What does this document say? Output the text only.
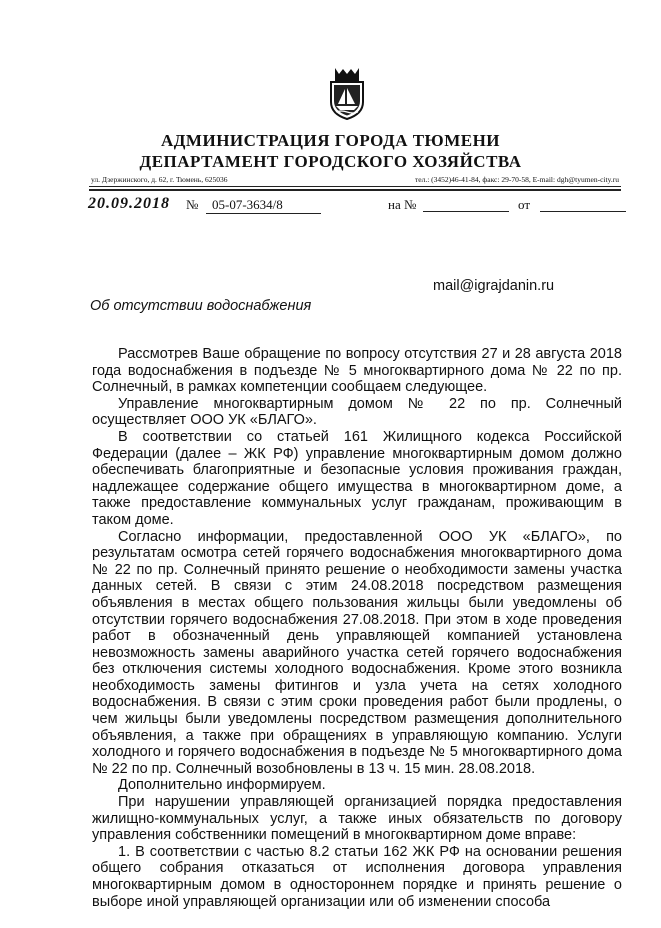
АДМИНИСТРАЦИЯ ГОРОДА ТЮМЕНИ
ДЕПАРТАМЕНТ ГОРОДСКОГО ХОЗЯЙСТВА
ул. Дзержинского, д. 62, г. Тюмень, 625036	тел.: (3452)46-41-84, факс: 29-70-58, E-mail: dgh@tyumen-city.ru
20.09.2018 №	05-07-3634/8	на №	от
mail@igrajdanin.ru
Об отсутствии водоснабжения

Рассмотрев Ваше обращение по вопросу отсутствия 27 и 28 августа 2018 года водоснабжения в подъезде № 5 многоквартирного дома № 22 по пр. Солнечный, в рамках компетенции сообщаем следующее.

Управление многоквартирным домом № 22 по пр. Солнечный осуществляет ООО УК «БЛАГО».

В соответствии со статьей 161 Жилищного кодекса Российской Федерации (далее – ЖК РФ) управление многоквартирным домом должно обеспечивать благоприятные и безопасные условия проживания граждан, надлежащее содержание общего имущества в многоквартирном доме, а также предоставление коммунальных услуг гражданам, проживающим в таком доме.

Согласно информации, предоставленной ООО УК «БЛАГО», по результатам осмотра сетей горячего водоснабжения многоквартирного дома № 22 по пр. Солнечный принято решение о необходимости замены участка данных сетей. В связи с этим 24.08.2018 посредством размещения объявления в местах общего пользования жильцы были уведомлены об отсутствии горячего водоснабжения 27.08.2018. При этом в ходе проведения работ в обозначенный день управляющей компанией установлена невозможность замены аварийного участка сетей горячего водоснабжения без отключения системы холодного водоснабжения. Кроме этого возникла необходимость замены фитингов и узла учета на сетях холодного водоснабжения. В связи с этим сроки проведения работ были продлены, о чем жильцы были уведомлены посредством размещения дополнительного объявления, а также при обращениях в управляющую компанию. Услуги холодного и горячего водоснабжения в подъезде № 5 многоквартирного дома № 22 по пр. Солнечный возобновлены в 13 ч. 15 мин. 28.08.2018.

Дополнительно информируем.

При нарушении управляющей организацией порядка предоставления жилищно-коммунальных услуг, а также иных обязательств по договору управления собственники помещений в многоквартирном доме вправе:

1. В соответствии с частью 8.2 статьи 162 ЖК РФ на основании решения общего собрания отказаться от исполнения договора управления многоквартирным домом в одностороннем порядке и принять решение о выборе иной управляющей организации или об изменении способа
